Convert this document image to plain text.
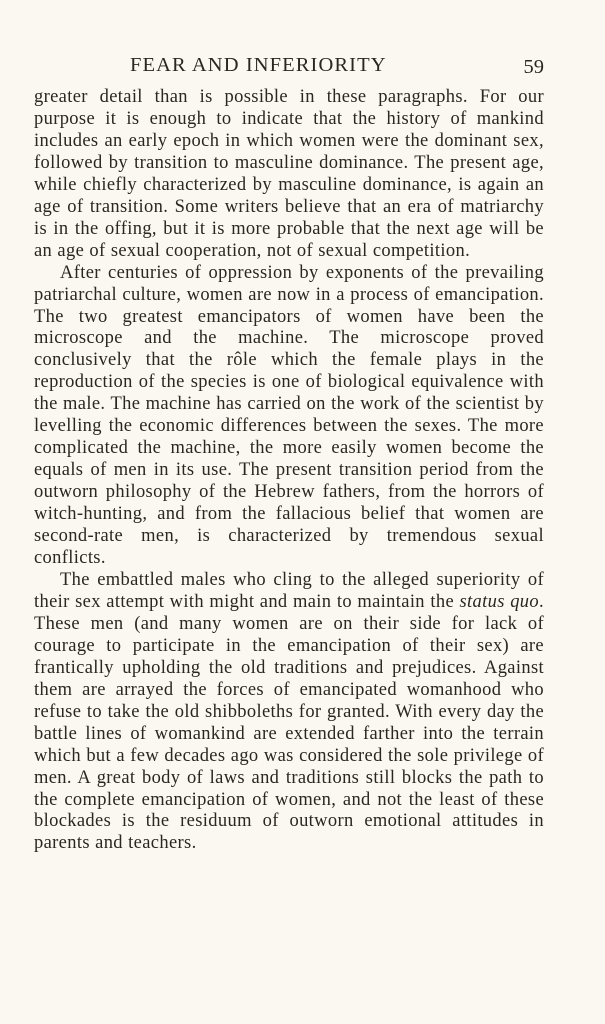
FEAR AND INFERIORITY	59

greater detail than is possible in these paragraphs. For our purpose it is enough to indicate that the history of mankind includes an early epoch in which women were the dominant sex, followed by transition to masculine dominance. The present age, while chiefly characterized by masculine dominance, is again an age of transition. Some writers believe that an era of matriarchy is in the offing, but it is more probable that the next age will be an age of sexual cooperation, not of sexual competition.

After centuries of oppression by exponents of the prevailing patriarchal culture, women are now in a process of emancipation. The two greatest emancipators of women have been the microscope and the machine. The microscope proved conclusively that the rôle which the female plays in the reproduction of the species is one of biological equivalence with the male. The machine has carried on the work of the scientist by levelling the economic differences between the sexes. The more complicated the machine, the more easily women become the equals of men in its use. The present transition period from the outworn philosophy of the Hebrew fathers, from the horrors of witch-hunting, and from the fallacious belief that women are second-rate men, is characterized by tremendous sexual conflicts.

The embattled males who cling to the alleged superiority of their sex attempt with might and main to maintain the status quo. These men (and many women are on their side for lack of courage to participate in the emancipation of their sex) are frantically upholding the old traditions and prejudices. Against them are arrayed the forces of emancipated womanhood who refuse to take the old shibboleths for granted. With every day the battle lines of womankind are extended farther into the terrain which but a few decades ago was considered the sole privilege of men. A great body of laws and traditions still blocks the path to the complete emancipation of women, and not the least of these blockades is the residuum of outworn emotional attitudes in parents and teachers.
